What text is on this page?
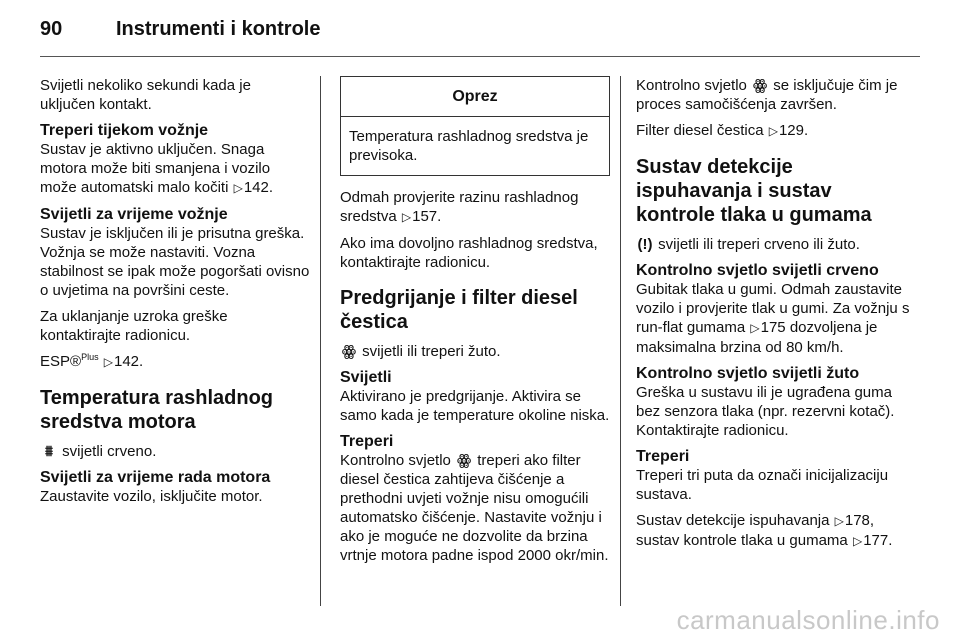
90	Instrumenti i kontrole

Svijetli nekoliko sekundi kada je uključen kontakt.

Treperi tijekom vožnje

Sustav je aktivno uključen. Snaga motora može biti smanjena i vozilo može automatski malo kočiti ▷142.

Svijetli za vrijeme vožnje

Sustav je isključen ili je prisutna greška. Vožnja se može nastaviti. Vozna stabilnost se ipak može pogoršati ovisno o uvjetima na površini ceste.

Za uklanjanje uzroka greške kontaktirajte radionicu.

ESP®$^{Plus}$ ▷142.

Temperatura rashladnog sredstva motora

⩩ svijetli crveno.

Svijetli za vrijeme rada motora

Zaustavite vozilo, isključite motor.

Oprez
Temperatura rashladnog sredstva je previsoka.

Odmah provjerite razinu rashladnog sredstva ▷157.

Ako ima dovoljno rashladnog sredstva, kontaktirajte radionicu.

Predgrijanje i filter diesel čestica

ꙮ svijetli ili treperi žuto.

Svijetli

Aktivirano je predgrijanje. Aktivira se samo kada je temperature okoline niska.

Treperi

Kontrolno svjetlo ꙮ treperi ako filter diesel čestica zahtijeva čišćenje a prethodni uvjeti vožnje nisu omogućili automatsko čišćenje. Nastavite vožnju i ako je moguće ne dozvolite da brzina vrtnje motora padne ispod 2000 okr/min.

Kontrolno svjetlo ꙮ se isključuje čim je proces samočišćenja završen.

Filter diesel čestica ▷129.

Sustav detekcije ispuhavanja i sustav kontrole tlaka u gumama

(!) svijetli ili treperi crveno ili žuto.

Kontrolno svjetlo svijetli crveno

Gubitak tlaka u gumi. Odmah zaustavite vozilo i provjerite tlak u gumi. Za vožnju s run-flat gumama ▷175 dozvoljena je maksimalna brzina od 80 km/h.

Kontrolno svjetlo svijetli žuto

Greška u sustavu ili je ugrađena guma bez senzora tlaka (npr. rezervni kotač). Kontaktirajte radionicu.

Treperi

Treperi tri puta da označi inicijalizaciju sustava.

Sustav detekcije ispuhavanja ▷178, sustav kontrole tlaka u gumama ▷177.

carmanualsonline.info
